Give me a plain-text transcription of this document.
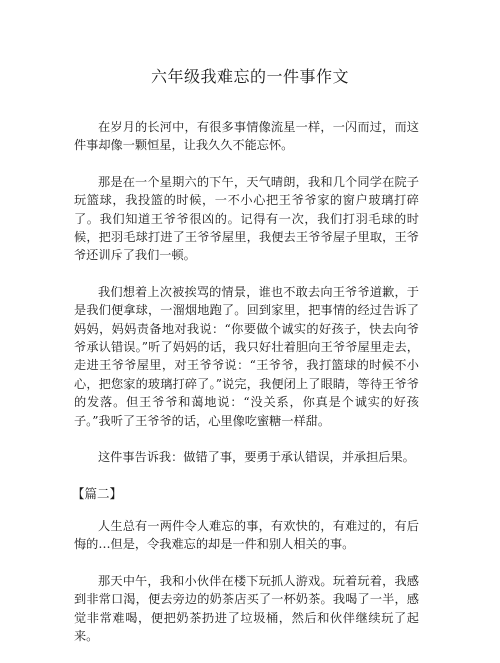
六年级我难忘的一件事作文

在岁月的长河中，有很多事情像流星一样，一闪而过，而这件事却像一颗恒星，让我久久不能忘怀。

那是在一个星期六的下午，天气晴朗，我和几个同学在院子玩篮球，我投篮的时候，一不小心把王爷爷家的窗户玻璃打碎了。我们知道王爷爷很凶的。记得有一次，我们打羽毛球的时候，把羽毛球打进了王爷爷屋里，我便去王爷爷屋子里取，王爷爷还训斥了我们一顿。

我们想着上次被挨骂的情景，谁也不敢去向王爷爷道歉，于是我们便拿球，一溜烟地跑了。回到家里，把事情的经过告诉了妈妈，妈妈责备地对我说：“你要做个诚实的好孩子，快去向爷爷承认错误。”听了妈妈的话，我只好壮着胆向王爷爷屋里走去，走进王爷爷屋里，对王爷爷说：“王爷爷，我打篮球的时候不小心，把您家的玻璃打碎了。”说完，我便闭上了眼睛，等待王爷爷的发落。但王爷爷和蔼地说：“没关系，你真是个诚实的好孩子。”我听了王爷爷的话，心里像吃蜜糖一样甜。

这件事告诉我：做错了事，要勇于承认错误，并承担后果。

【篇二】

人生总有一两件令人难忘的事，有欢快的，有难过的，有后悔的…但是，令我难忘的却是一件和别人相关的事。

那天中午，我和小伙伴在楼下玩抓人游戏。玩着玩着，我感到非常口渴，便去旁边的奶茶店买了一杯奶茶。我喝了一半，感觉非常难喝，便把奶茶扔进了垃圾桶，然后和伙伴继续玩了起来。
